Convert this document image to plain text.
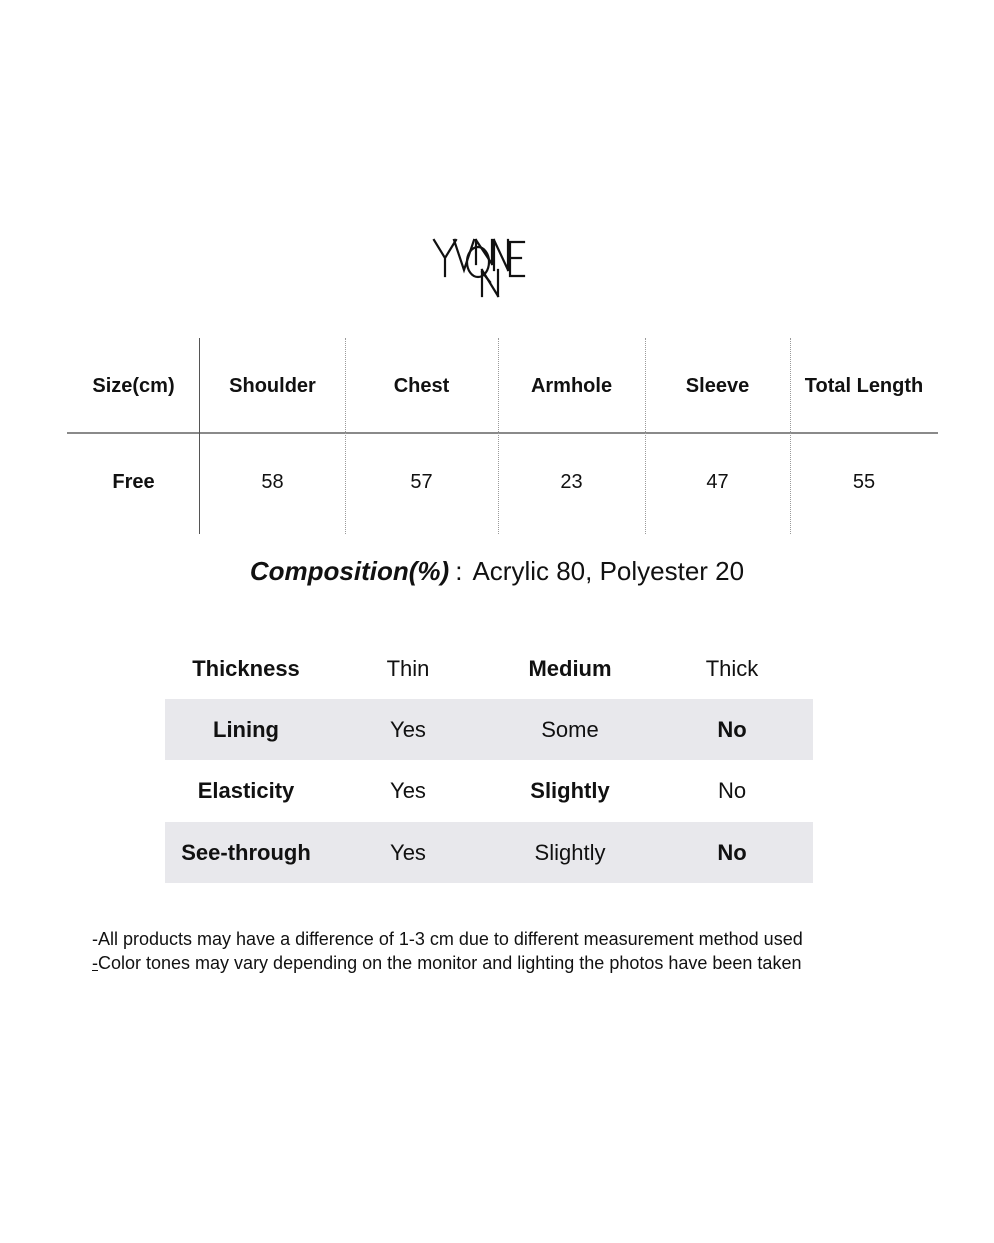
Size(cm)	Shoulder	Chest	Armhole	Sleeve	Total Length
Free	58	57	23	47	55
Composition(%) : Acrylic 80, Polyester 20
Thickness	Thin	Medium	Thick
Lining	Yes	Some	No
Elasticity	Yes	Slightly	No
See-through	Yes	Slightly	No
-All products may have a difference of 1-3 cm due to different measurement method used
-Color tones may vary depending on the monitor and lighting the photos have been taken
